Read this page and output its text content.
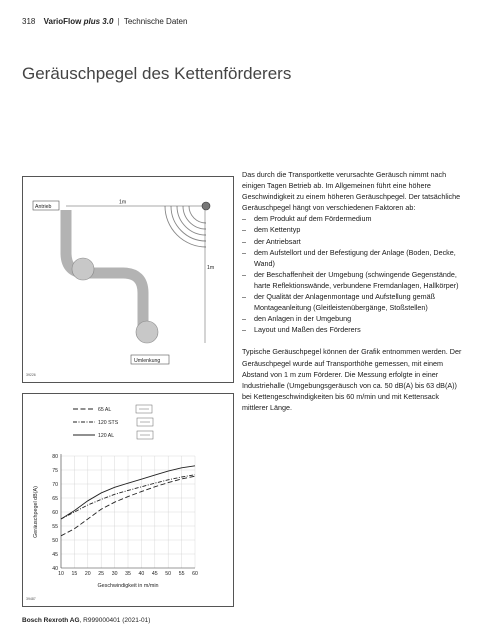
318 VarioFlow plus 3.0 | Technische Daten
Geräuschpegel des Kettenförderers
Antrieb
1m
1m
Umlenkung
39226
65 AL
120 STS
120 AL
10 15 20 25 30 35 40 45 50 55 60
40
45
50
55
60
65
70
75
80
Geschwindigkeit in m/min
Geräuschpegel dB(A)
39487

Das durch die Transportkette verursachte Geräusch nimmt nach einigen Tagen Betrieb ab. Im Allgemeinen führt eine höhere Geschwindigkeit zu einem höheren Geräuschpegel. Der tatsächliche Geräuschpegel hängt von verschiedenen Faktoren ab:

– dem Produkt auf dem Fördermedium
– dem Kettentyp
– der Antriebsart
– dem Aufstellort und der Befestigung der Anlage (Boden, Decke, Wand)
– der Beschaffenheit der Umgebung (schwingende Gegenstände, harte Reflektionswände, verbundene Fremdanlagen, Hallkörper)
– der Qualität der Anlagenmontage und Aufstellung gemäß Montageanleitung (Gleitleistenübergänge, Stoßstellen)
– den Anlagen in der Umgebung
– Layout und Maßen des Förderers

Typische Geräuschpegel können der Grafik entnommen werden. Der Geräuschpegel wurde auf Transporthöhe gemessen, mit einem Abstand von 1 m zum Förderer. Die Messung erfolgte in einer Industriehalle (Umgebungsgeräusch von ca. 50 dB(A) bis 63 dB(A)) bei Kettengeschwindigkeiten bis 60 m/min und mit Kettensack mittlerer Länge.

Bosch Rexroth AG, R999000401 (2021-01)
